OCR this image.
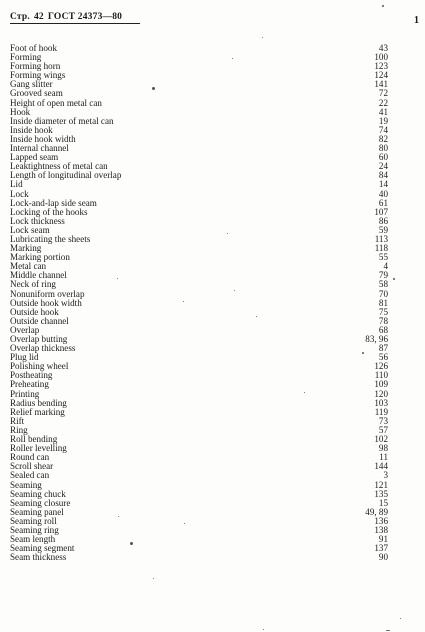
Стр. 42 ГОСТ 24373—80	1
Foot of hook	43
Forming	100
Forming horn	123
Forming wings	124
Gang slitter	141
Grooved seam	72
Height of open metal can	22
Hook	41
Inside diameter of metal can	19
Inside hook	74
Inside hook width	82
Internal channel	80
Lapped seam	60
Leaktightness of metal can	24
Length of longitudinal overlap	84
Lid	14
Lock	40
Lock-and-lap side seam	61
Locking of the hooks	107
Lock thickness	86
Lock seam	59
Lubricating the sheets	113
Marking	118
Marking portion	55
Metal can	4
Middle channel	79
Neck of ring	58
Nonuniform overlap	70
Outside hook width	81
Outside hook	75
Outside channel	78
Overlap	68
Overlap butting	83, 96
Overlap thickness	87
Plug lid	56
Polishing wheel	126
Postheating	110
Preheating	109
Printing	120
Radius bending	103
Relief marking	119
Rift	73
Ring	57
Roll bending	102
Roller levelling	98
Round can	11
Scroll shear	144
Sealed can	3
Seaming	121
Seaming chuck	135
Seaming closure	15
Seaming panel	49, 89
Seaming roll	136
Seaming ring	138
Seam length	91
Seaming segment	137
Seam thickness	90
